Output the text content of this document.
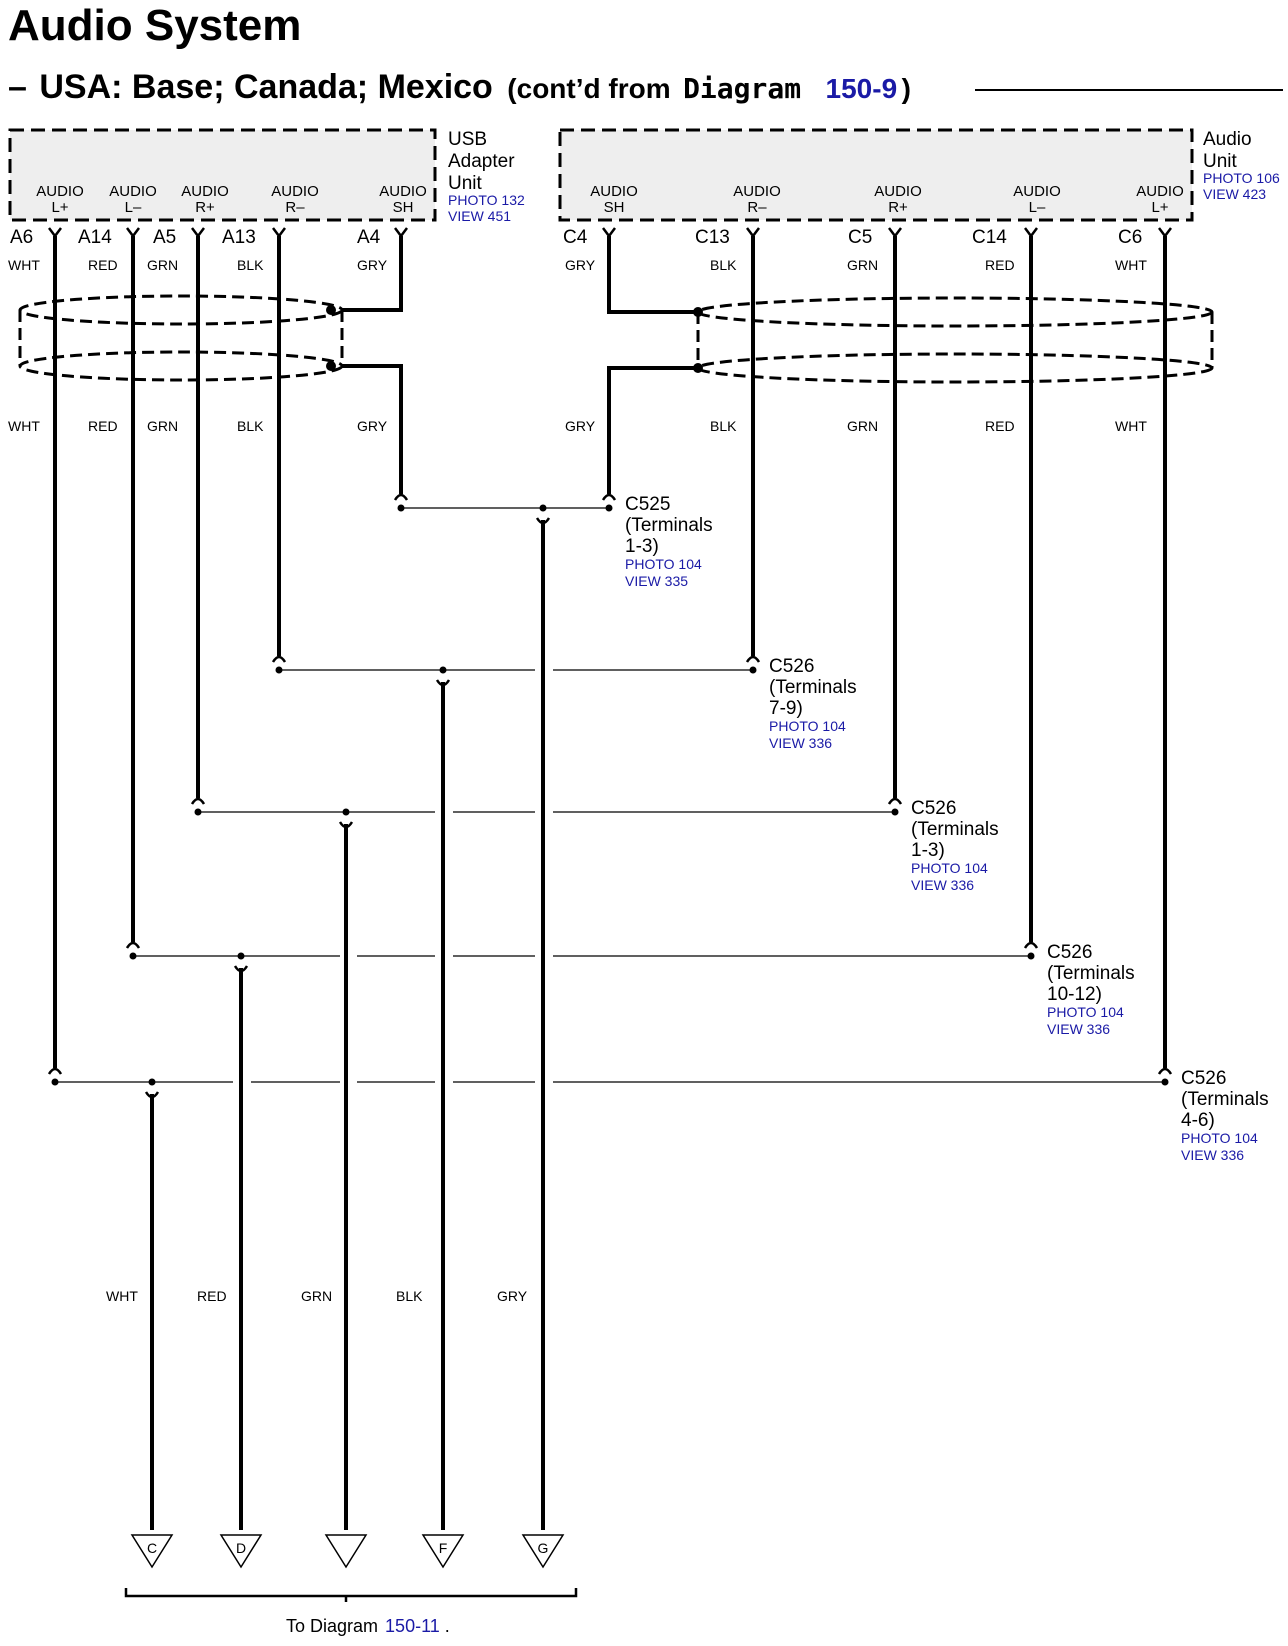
Audio System
– USA: Base; Canada; Mexico (cont’d from Diagram 150-9 )
USB
Adapter
Unit
PHOTO 132
VIEW 451
AUDIO
L+
AUDIO
L–
AUDIO
R+
AUDIO
R–
AUDIO
SH
A6 A14 A5 A13	A4
WHT	RED GRN	BLK	GRY
WHT	RED GRN	BLK	GRY
Audio
Unit
PHOTO 106
VIEW 423
AUDIO
SH
AUDIO
R–
AUDIO
R+
AUDIO
L–
AUDIO
L+
C4	C13	C5	C14	C6
GRY	BLK	GRN	RED	WHT
GRY	BLK	GRN	RED	WHT
C525
(Terminals
1-3)
PHOTO 104
VIEW 335
C526
(Terminals
7-9)
PHOTO 104
VIEW 336
C526
(Terminals
1-3)
PHOTO 104
VIEW 336
C526
(Terminals
10-12)
PHOTO 104
VIEW 336
C526
(Terminals
4-6)
PHOTO 104
VIEW 336
WHT	RED	GRN	BLK	GRY
C	D	F	G
To Diagram 150-11 .
